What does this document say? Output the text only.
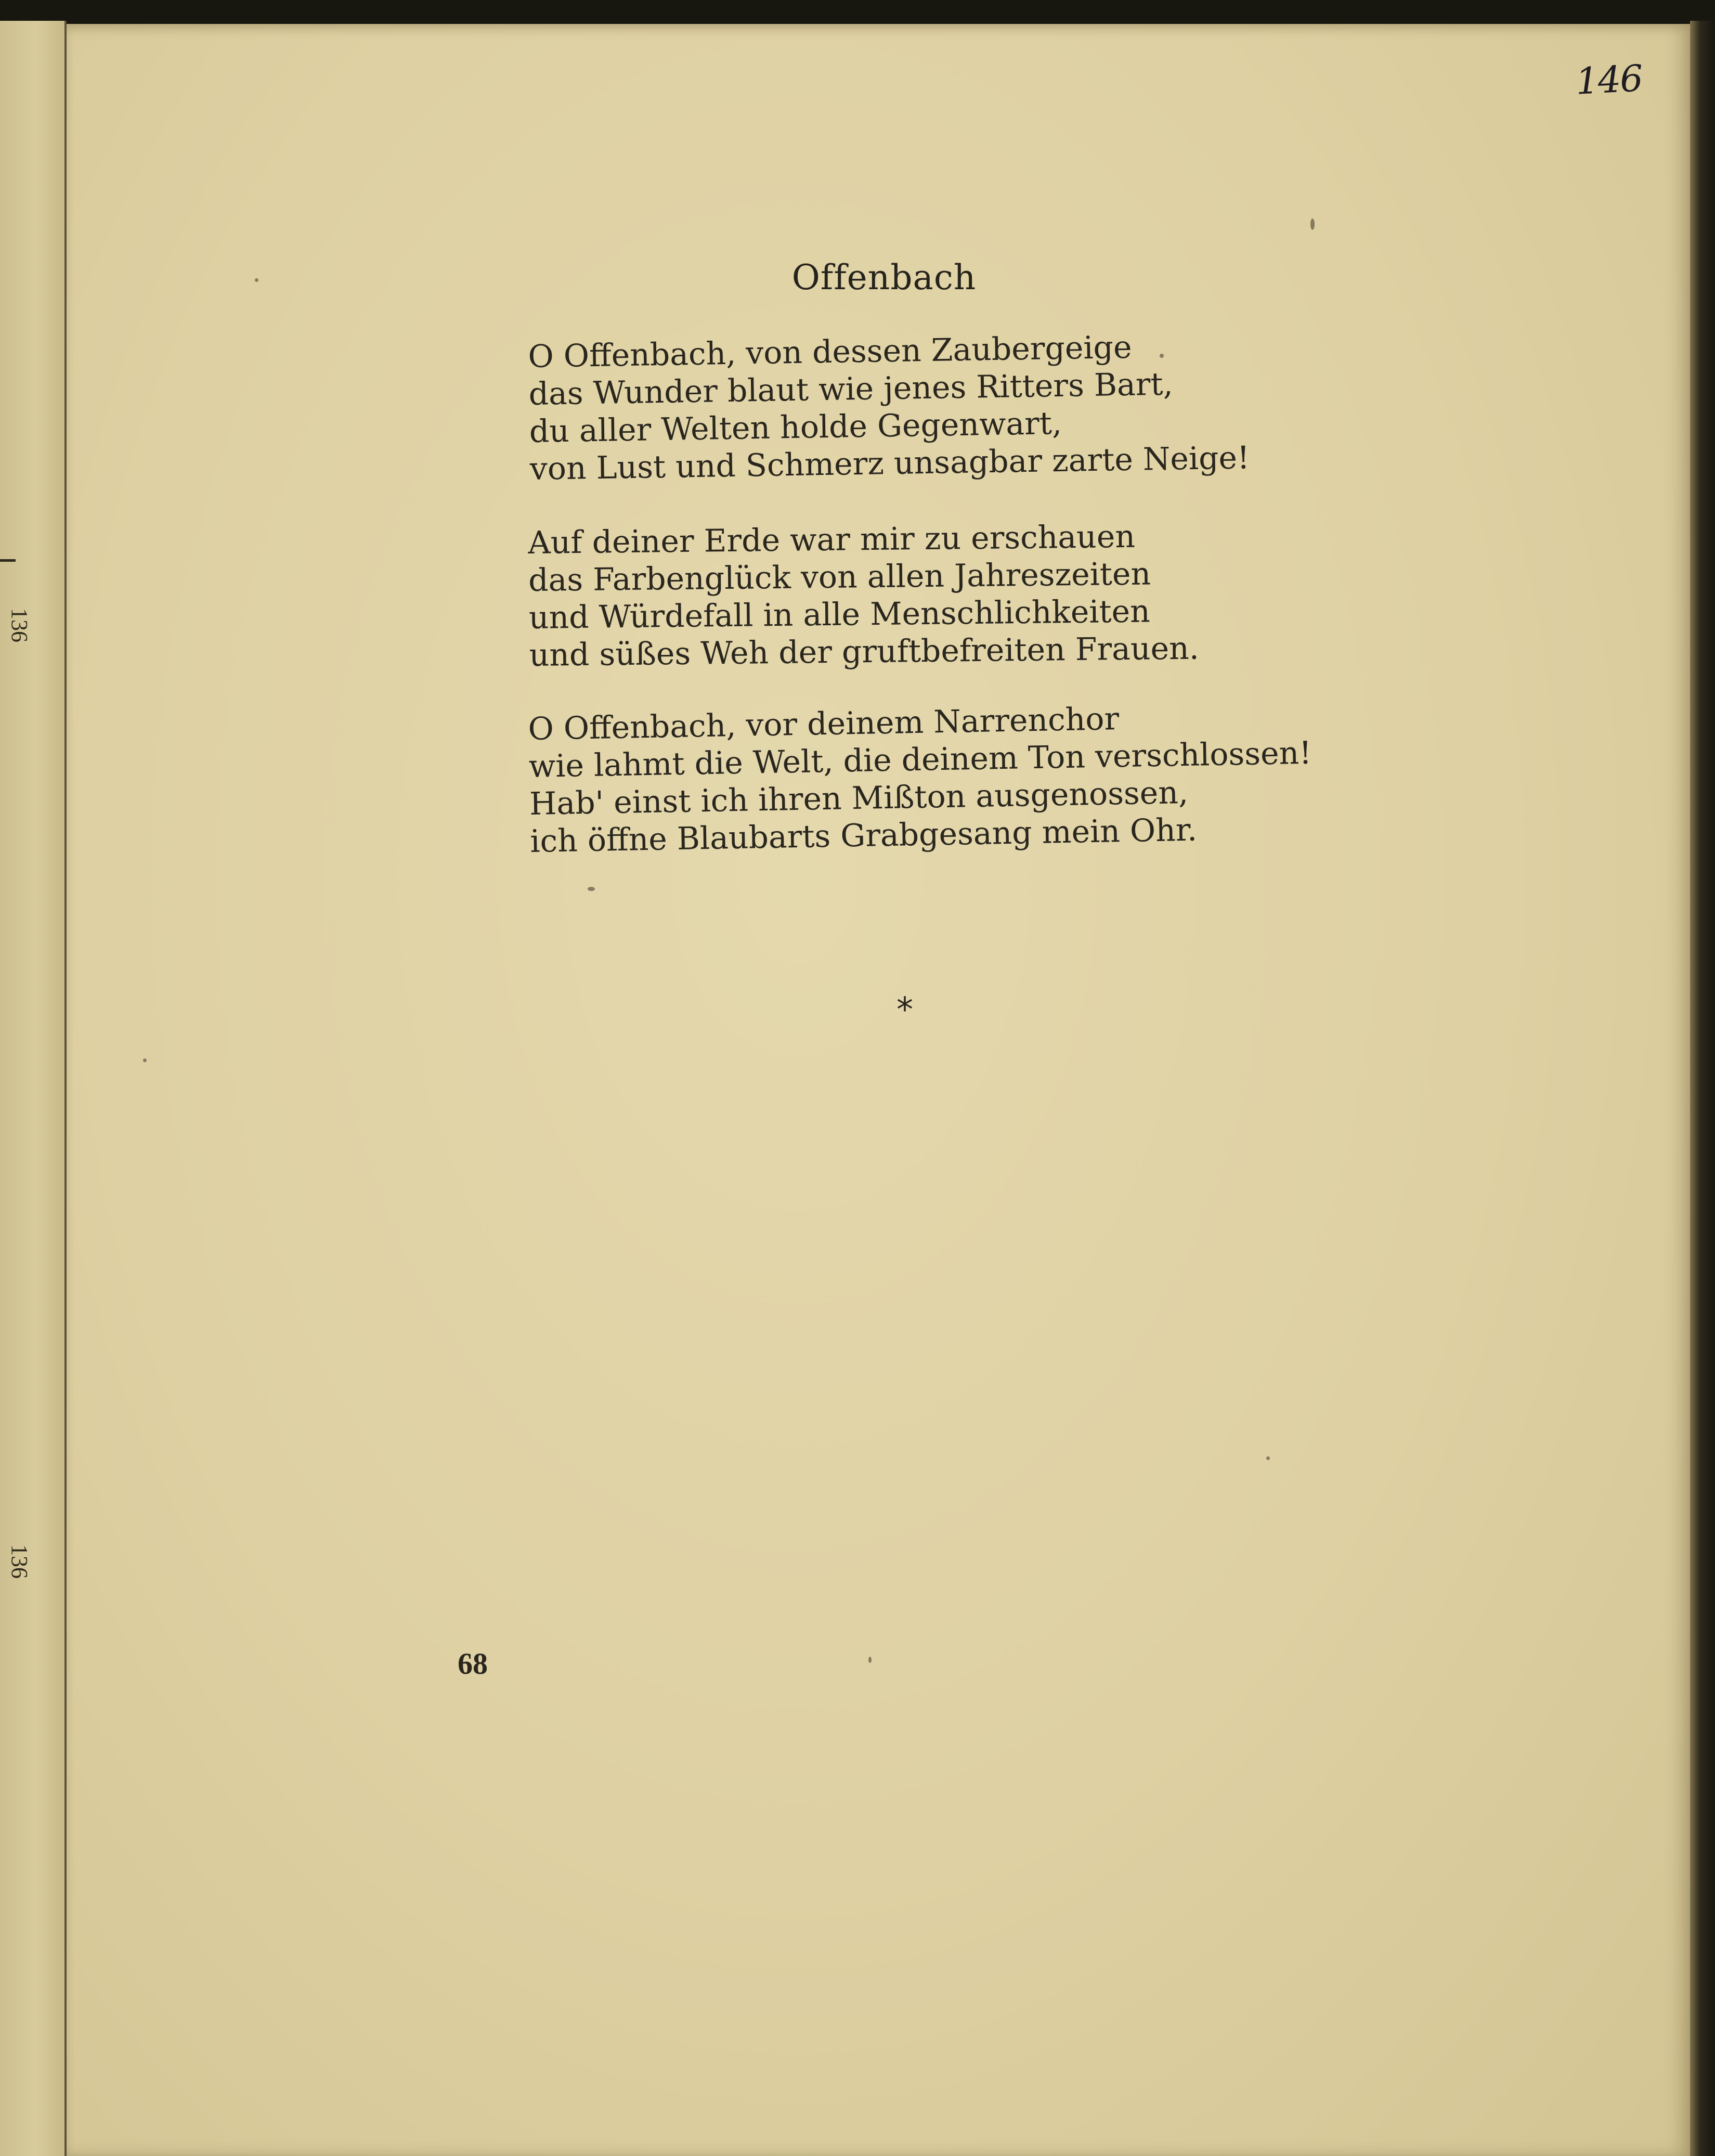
136
136
146
Offenbach
O Offenbach, von dessen Zaubergeige
das Wunder blaut wie jenes Ritters Bart,
du aller Welten holde Gegenwart,
von Lust und Schmerz unsagbar zarte Neige!
Auf deiner Erde war mir zu erschauen
das Farbenglück von allen Jahreszeiten
und Würdefall in alle Menschlichkeiten
und süßes Weh der gruftbefreiten Frauen.
O Offenbach, vor deinem Narrenchor
wie lahmt die Welt, die deinem Ton verschlossen!
Hab' einst ich ihren Mißton ausgenossen,
ich öffne Blaubarts Grabgesang mein Ohr.
*
68
